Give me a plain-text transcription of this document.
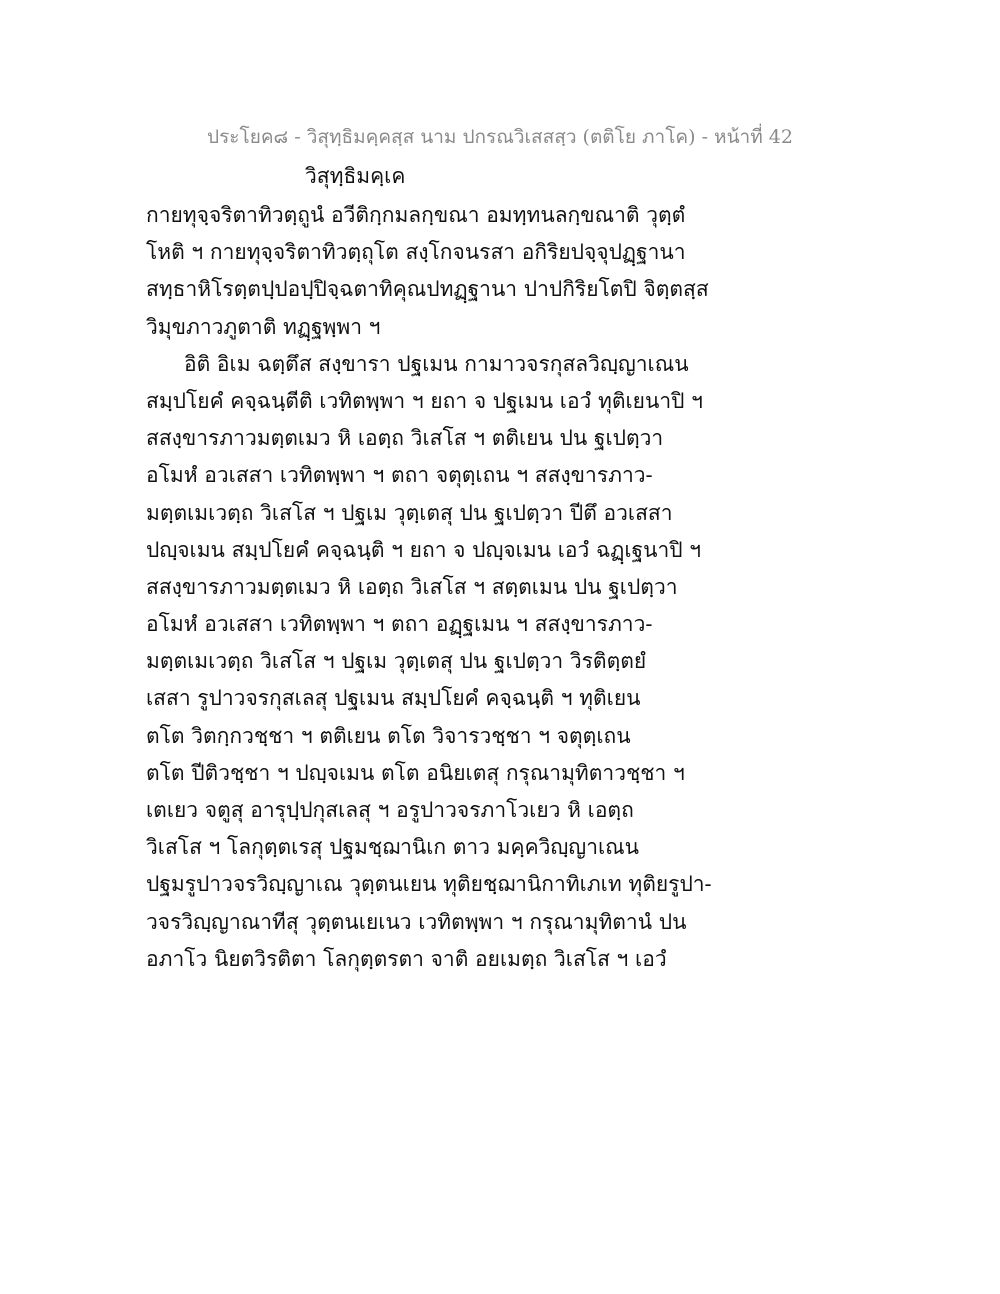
ประโยค๘ - วิสุทฺธิมคฺคสฺส นาม ปกรณวิเสสสฺว (ตติโย ภาโค) - หน้าที่ 42
วิสุทฺธิมคฺเค
กายทุจฺจริตาทิวตฺถูนํ อวีติกฺกมลกฺขณา อมทฺทนลกฺขณาติ วุตฺตํ
โหติ ฯ กายทุจฺจริตาทิวตฺถุโต สงฺโกจนรสา อกิริยปจฺจุปฏฺฐานา
สทฺธาหิโรตฺตปฺปอปฺปิจฺฉตาทิคุณปทฏฺฐานา ปาปกิริยโตปิ จิตฺตสฺส
วิมุขภาวภูตาติ ทฏฺฐพฺพา ฯ
อิติ อิเม ฉตฺตึส สงฺขารา ปฐเมน กามาวจรกุสลวิญฺญาเณน
สมฺปโยคํ คจฺฉนฺตีติ เวทิตพฺพา ฯ ยถา จ ปฐเมน เอวํ ทุติเยนาปิ ฯ
สสงฺขารภาวมตฺตเมว หิ เอตฺถ วิเสโส ฯ ตติเยน ปน ฐเปตฺวา
อโมหํ อวเสสา เวทิตพฺพา ฯ ตถา จตุตฺเถน ฯ สสงฺขารภาว-
มตฺตเมเวตฺถ วิเสโส ฯ ปฐเม วุตฺเตสุ ปน ฐเปตฺวา ปีตึ อวเสสา
ปญฺจเมน สมฺปโยคํ คจฺฉนฺติ ฯ ยถา จ ปญฺจเมน เอวํ ฉฏฺเฐนาปิ ฯ
สสงฺขารภาวมตฺตเมว หิ เอตฺถ วิเสโส ฯ สตฺตเมน ปน ฐเปตฺวา
อโมหํ อวเสสา เวทิตพฺพา ฯ ตถา อฏฺฐเมน ฯ สสงฺขารภาว-
มตฺตเมเวตฺถ วิเสโส ฯ ปฐเม วุตฺเตสุ ปน ฐเปตฺวา วิรติตฺตยํ
เสสา รูปาวจรกุสเลสุ ปฐเมน สมฺปโยคํ คจฺฉนฺติ ฯ ทุติเยน
ตโต วิตกฺกวชฺชา ฯ ตติเยน ตโต วิจารวชฺชา ฯ จตุตฺเถน
ตโต ปีติวชฺชา ฯ ปญฺจเมน ตโต อนิยเตสุ กรุณามุทิตาวชฺชา ฯ
เตเยว จตูสุ อารุปฺปกุสเลสุ ฯ อรูปาวจรภาโวเยว หิ เอตฺถ
วิเสโส ฯ โลกุตฺตเรสุ ปฐมชฺฌานิเก ตาว มคฺควิญฺญาเณน
ปฐมรูปาวจรวิญฺญาเณ วุตฺตนเยน ทุติยชฺฌานิกาทิเภเท ทุติยรูปา-
วจรวิญฺญาณาทีสุ วุตฺตนเยเนว เวทิตพฺพา ฯ กรุณามุทิตานํ ปน
อภาโว นิยตวิรติตา โลกุตฺตรตา จาติ อยเมตฺถ วิเสโส ฯ เอวํ
